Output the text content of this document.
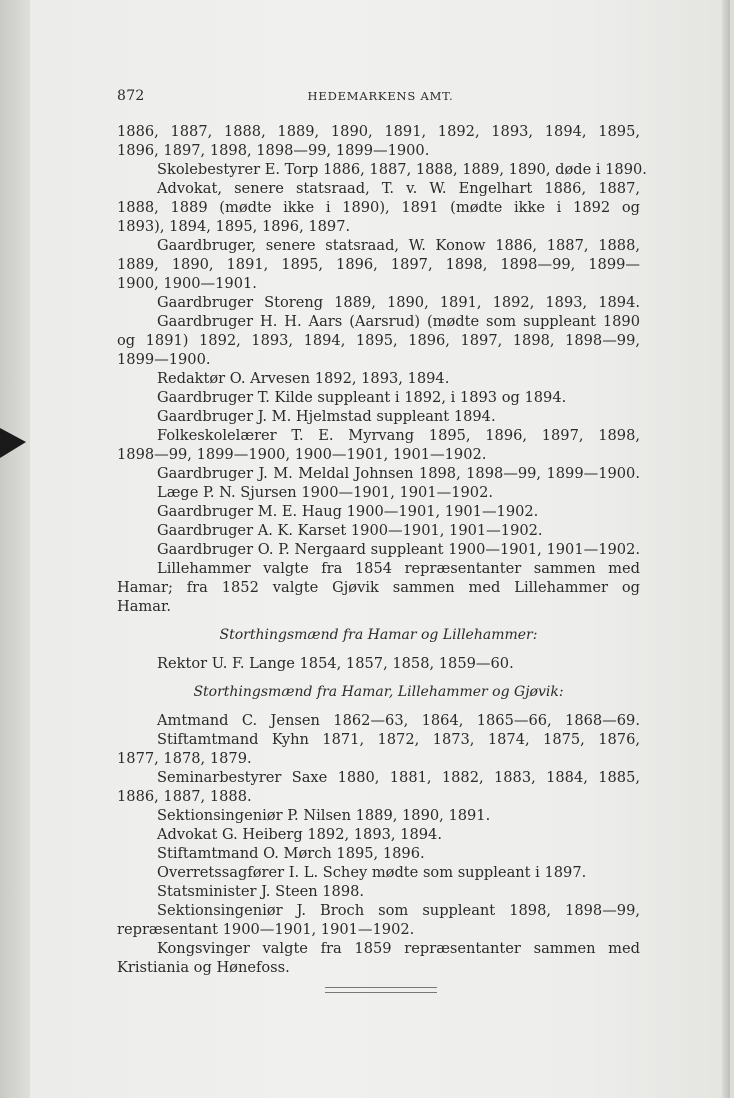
872	HEDEMARKENS AMT.
1886, 1887, 1888, 1889, 1890, 1891, 1892, 1893, 1894, 1895,
1896, 1897, 1898, 1898—99, 1899—1900.
Skolebestyrer E. Torp 1886, 1887, 1888, 1889, 1890, døde i 1890.
Advokat, senere statsraad, T. v. W. Engelhart 1886, 1887,
1888, 1889 (mødte ikke i 1890), 1891 (mødte ikke i 1892 og
1893), 1894, 1895, 1896, 1897.
Gaardbruger, senere statsraad, W. Konow 1886, 1887, 1888,
1889, 1890, 1891, 1895, 1896, 1897, 1898, 1898—99, 1899—
1900, 1900—1901.
Gaardbruger Storeng 1889, 1890, 1891, 1892, 1893, 1894.
Gaardbruger H. H. Aars (Aarsrud) (mødte som suppleant 1890
og 1891) 1892, 1893, 1894, 1895, 1896, 1897, 1898, 1898—99,
1899—1900.
Redaktør O. Arvesen 1892, 1893, 1894.
Gaardbruger T. Kilde suppleant i 1892, i 1893 og 1894.
Gaardbruger J. M. Hjelmstad suppleant 1894.
Folkeskolelærer T. E. Myrvang 1895, 1896, 1897, 1898,
1898—99, 1899—1900, 1900—1901, 1901—1902.
Gaardbruger J. M. Meldal Johnsen 1898, 1898—99, 1899—1900.
Læge P. N. Sjursen 1900—1901, 1901—1902.
Gaardbruger M. E. Haug 1900—1901, 1901—1902.
Gaardbruger A. K. Karset 1900—1901, 1901—1902.
Gaardbruger O. P. Nergaard suppleant 1900—1901, 1901—1902.
Lillehammer valgte fra 1854 repræsentanter sammen med
Hamar; fra 1852 valgte Gjøvik sammen med Lillehammer og
Hamar.
Storthingsmænd fra Hamar og Lillehammer:
Rektor U. F. Lange 1854, 1857, 1858, 1859—60.
Storthingsmænd fra Hamar, Lillehammer og Gjøvik:
Amtmand C. Jensen 1862—63, 1864, 1865—66, 1868—69.
Stiftamtmand Kyhn 1871, 1872, 1873, 1874, 1875, 1876,
1877, 1878, 1879.
Seminarbestyrer Saxe 1880, 1881, 1882, 1883, 1884, 1885,
1886, 1887, 1888.
Sektionsingeniør P. Nilsen 1889, 1890, 1891.
Advokat G. Heiberg 1892, 1893, 1894.
Stiftamtmand O. Mørch 1895, 1896.
Overretssagfører I. L. Schey mødte som suppleant i 1897.
Statsminister J. Steen 1898.
Sektionsingeniør J. Broch som suppleant 1898, 1898—99,
repræsentant 1900—1901, 1901—1902.
Kongsvinger valgte fra 1859 repræsentanter sammen med
Kristiania og Hønefoss.
